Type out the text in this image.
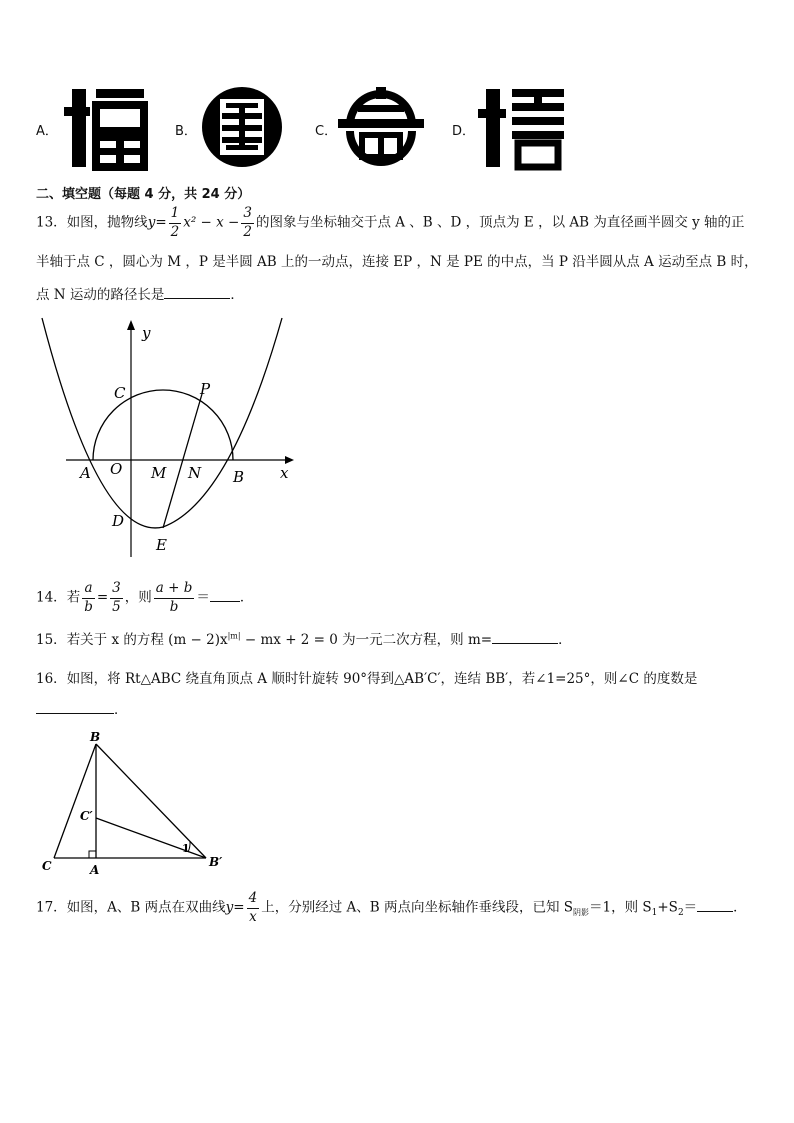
A．	B．	C．	D．
二、填空题（每题 4 分，共 24 分）
13．如图，抛物线$y= \frac{1}{2} x^2 - x - \frac{3}{2}$ 的图象与坐标轴交于点 A 、B 、D ，顶点为 E ，以 AB 为直径画半圆交 y 轴的正
半轴于点 C ，圆心为 M ，P 是半圆 AB 上的一动点，连接 EP ，N 是 PE 的中点，当 P 沿半圆从点 A 运动至点 B 时，
点 N 运动的路径长是	．
y
x
C	P
A O M N B
D
E
14．若 $\frac{a}{b} = \frac{3}{5}$ ，则 $\frac{a + b}{b}$ ＝ ．
15．若关于 x 的方程 $(m - 2)x^{|m|}$ − mx + 2 = 0 为一元二次方程，则 m=	．
16．如图，将 Rt△ABC 绕直角顶点 A 顺时针旋转 90°得到△AB′C′，连结 BB′，若∠1=25°，则∠C 的度数是
．
B
C′
C	A
B′
1
17．如图，A、B 两点在双曲线$y= \frac{4}{x}$ 上，分别经过 A、B 两点向坐标轴作垂线段，已知 $S_{阴影}=1$，则 $S_1+S_2=$	．
